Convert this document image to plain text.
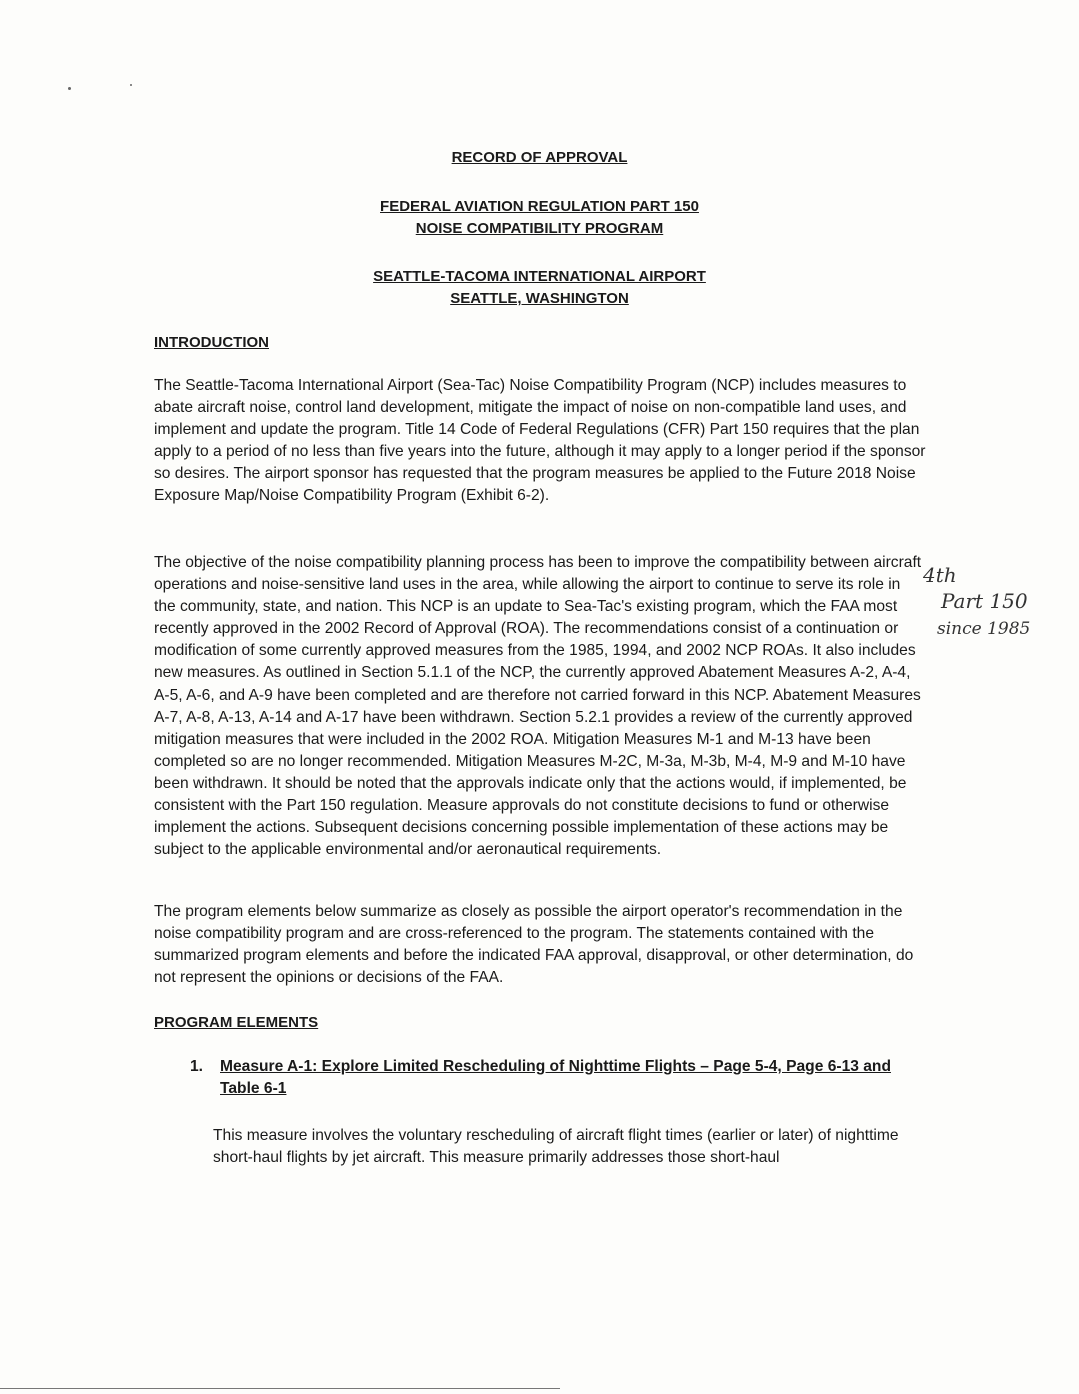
RECORD OF APPROVAL
FEDERAL AVIATION REGULATION PART 150
NOISE COMPATIBILITY PROGRAM
SEATTLE-TACOMA INTERNATIONAL AIRPORT
SEATTLE, WASHINGTON
INTRODUCTION

The Seattle-Tacoma International Airport (Sea-Tac) Noise Compatibility Program (NCP) includes measures to abate aircraft noise, control land development, mitigate the impact of noise on non-compatible land uses, and implement and update the program. Title 14 Code of Federal Regulations (CFR) Part 150 requires that the plan apply to a period of no less than five years into the future, although it may apply to a longer period if the sponsor so desires. The airport sponsor has requested that the program measures be applied to the Future 2018 Noise Exposure Map/Noise Compatibility Program (Exhibit 6-2).

The objective of the noise compatibility planning process has been to improve the compatibility between aircraft operations and noise-sensitive land uses in the area, while allowing the airport to continue to serve its role in the community, state, and nation. This NCP is an update to Sea-Tac's existing program, which the FAA most recently approved in the 2002 Record of Approval (ROA). The recommendations consist of a continuation or modification of some currently approved measures from the 1985, 1994, and 2002 NCP ROAs. It also includes new measures. As outlined in Section 5.1.1 of the NCP, the currently approved Abatement Measures A-2, A-4, A-5, A-6, and A-9 have been completed and are therefore not carried forward in this NCP. Abatement Measures A-7, A-8, A-13, A-14 and A-17 have been withdrawn. Section 5.2.1 provides a review of the currently approved mitigation measures that were included in the 2002 ROA. Mitigation Measures M-1 and M-13 have been completed so are no longer recommended. Mitigation Measures M-2C, M-3a, M-3b, M-4, M-9 and M-10 have been withdrawn. It should be noted that the approvals indicate only that the actions would, if implemented, be consistent with the Part 150 regulation. Measure approvals do not constitute decisions to fund or otherwise implement the actions. Subsequent decisions concerning possible implementation of these actions may be subject to the applicable environmental and/or aeronautical requirements.

The program elements below summarize as closely as possible the airport operator's recommendation in the noise compatibility program and are cross-referenced to the program. The statements contained with the summarized program elements and before the indicated FAA approval, disapproval, or other determination, do not represent the opinions or decisions of the FAA.

PROGRAM ELEMENTS
1. Measure A-1: Explore Limited Rescheduling of Nighttime Flights – Page 5-4, Page 6-13 and Table 6-1

This measure involves the voluntary rescheduling of aircraft flight times (earlier or later) of nighttime short-haul flights by jet aircraft. This measure primarily addresses those short-haul

4th
Part 150
since 1985
